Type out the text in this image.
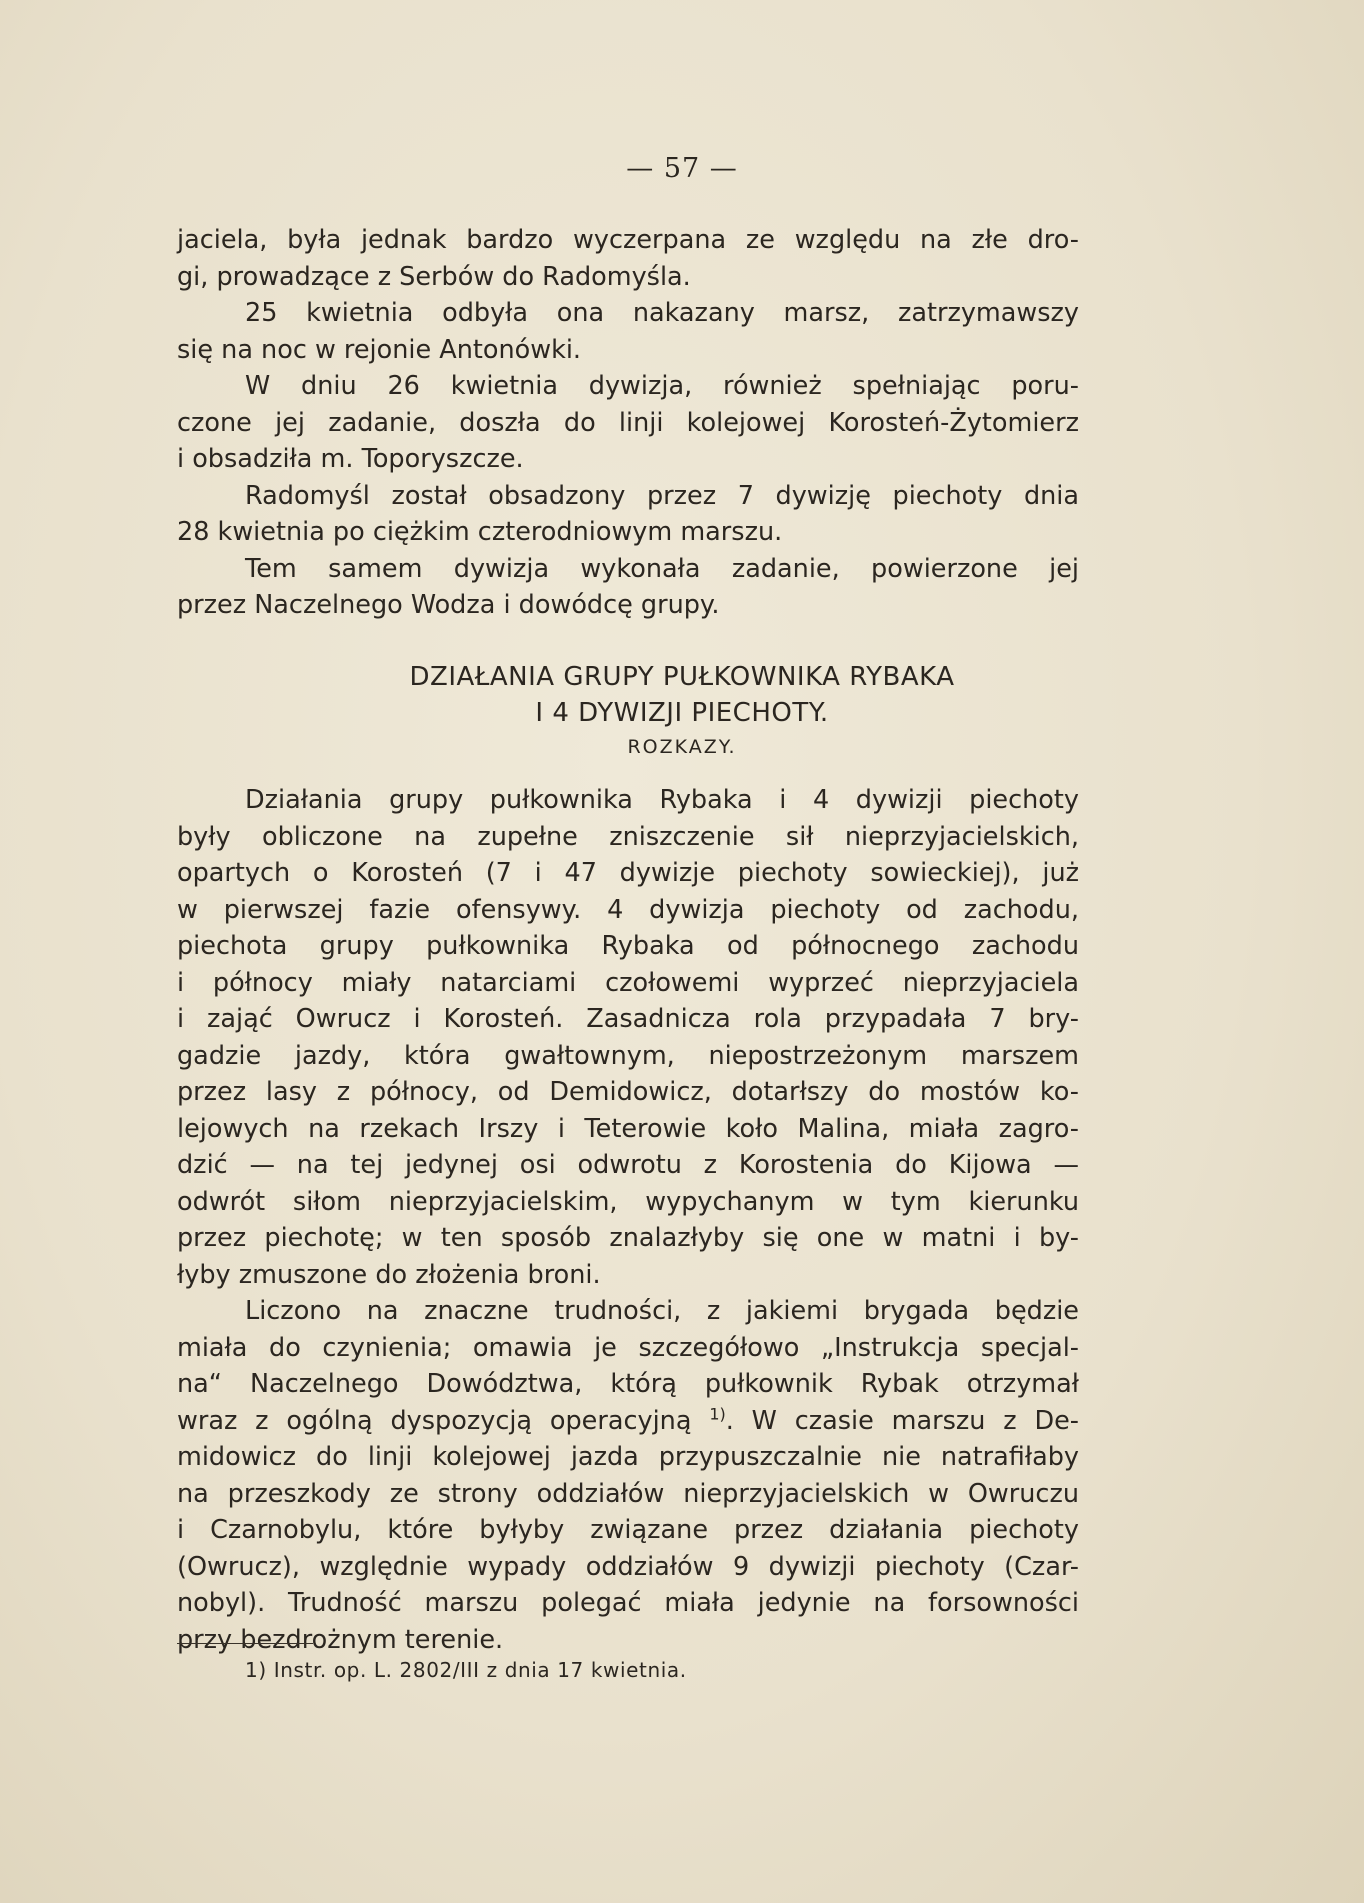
— 57 —
jaciela, była jednak bardzo wyczerpana ze względu na złe dro-
gi, prowadzące z Serbów do Radomyśla.
25 kwietnia odbyła ona nakazany marsz, zatrzymawszy
się na noc w rejonie Antonówki.
W dniu 26 kwietnia dywizja, również spełniając poru-
czone jej zadanie, doszła do linji kolejowej Korosteń-Żytomierz
i obsadziła m. Toporyszcze.
Radomyśl został obsadzony przez 7 dywizję piechoty dnia
28 kwietnia po ciężkim czterodniowym marszu.
Tem samem dywizja wykonała zadanie, powierzone jej
przez Naczelnego Wodza i dowódcę grupy.
DZIAŁANIA GRUPY PUŁKOWNIKA RYBAKA
I 4 DYWIZJI PIECHOTY.
ROZKAZY.
Działania grupy pułkownika Rybaka i 4 dywizji piechoty
były obliczone na zupełne zniszczenie sił nieprzyjacielskich,
opartych o Korosteń (7 i 47 dywizje piechoty sowieckiej), już
w pierwszej fazie ofensywy. 4 dywizja piechoty od zachodu,
piechota grupy pułkownika Rybaka od północnego zachodu
i północy miały natarciami czołowemi wyprzeć nieprzyjaciela
i zająć Owrucz i Korosteń. Zasadnicza rola przypadała 7 bry-
gadzie jazdy, która gwałtownym, niepostrzeżonym marszem
przez lasy z północy, od Demidowicz, dotarłszy do mostów ko-
lejowych na rzekach Irszy i Teterowie koło Malina, miała zagro-
dzić — na tej jedynej osi odwrotu z Korostenia do Kijowa —
odwrót siłom nieprzyjacielskim, wypychanym w tym kierunku
przez piechotę; w ten sposób znalazłyby się one w matni i by-
łyby zmuszone do złożenia broni.
Liczono na znaczne trudności, z jakiemi brygada będzie
miała do czynienia; omawia je szczegółowo „Instrukcja specjal-
na“ Naczelnego Dowództwa, którą pułkownik Rybak otrzymał
wraz z ogólną dyspozycją operacyjną $^{1)}$. W czasie marszu z De-
midowicz do linji kolejowej jazda przypuszczalnie nie natrafiłaby
na przeszkody ze strony oddziałów nieprzyjacielskich w Owruczu
i Czarnobylu, które byłyby związane przez działania piechoty
(Owrucz), względnie wypady oddziałów 9 dywizji piechoty (Czar-
nobyl). Trudność marszu polegać miała jedynie na forsowności
przy bezdrożnym terenie.
1) Instr. op. L. 2802/III z dnia 17 kwietnia.
